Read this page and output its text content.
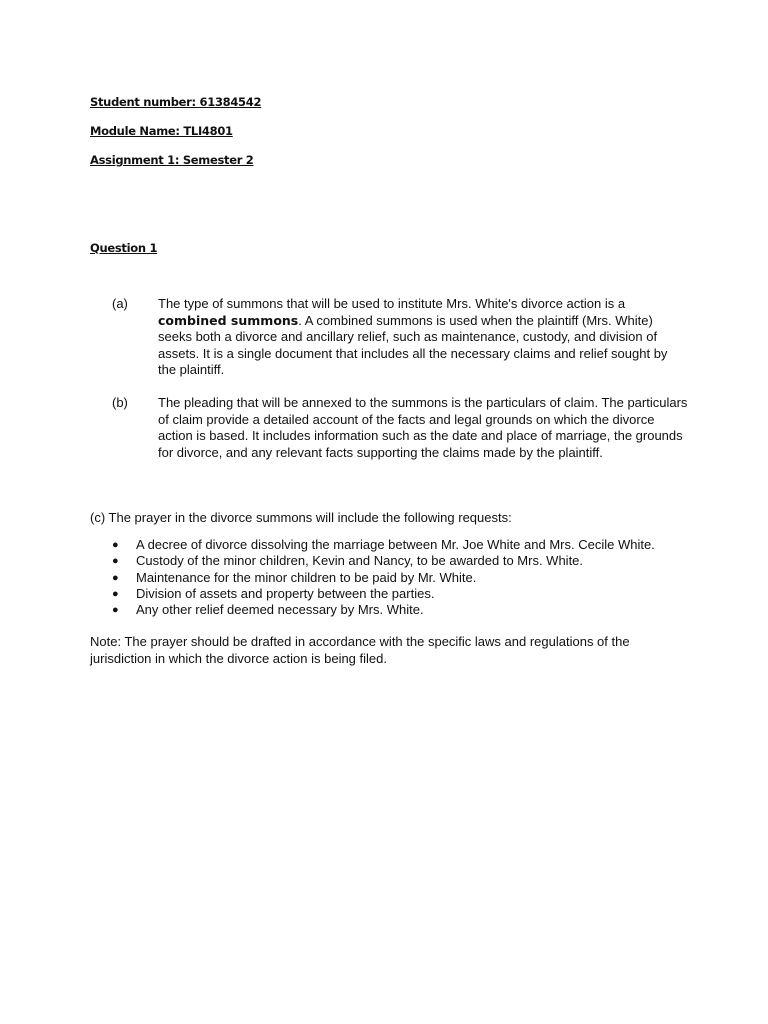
Student number: 61384542
Module Name: TLI4801
Assignment 1: Semester 2
Question 1
(a) The type of summons that will be used to institute Mrs. White's divorce action is a combined summons. A combined summons is used when the plaintiff (Mrs. White) seeks both a divorce and ancillary relief, such as maintenance, custody, and division of assets. It is a single document that includes all the necessary claims and relief sought by the plaintiff.
(b) The pleading that will be annexed to the summons is the particulars of claim. The particulars of claim provide a detailed account of the facts and legal grounds on which the divorce action is based. It includes information such as the date and place of marriage, the grounds for divorce, and any relevant facts supporting the claims made by the plaintiff.
(c) The prayer in the divorce summons will include the following requests:
● A decree of divorce dissolving the marriage between Mr. Joe White and Mrs. Cecile White.
● Custody of the minor children, Kevin and Nancy, to be awarded to Mrs. White.
● Maintenance for the minor children to be paid by Mr. White.
● Division of assets and property between the parties.
● Any other relief deemed necessary by Mrs. White.
Note: The prayer should be drafted in accordance with the specific laws and regulations of the jurisdiction in which the divorce action is being filed.
